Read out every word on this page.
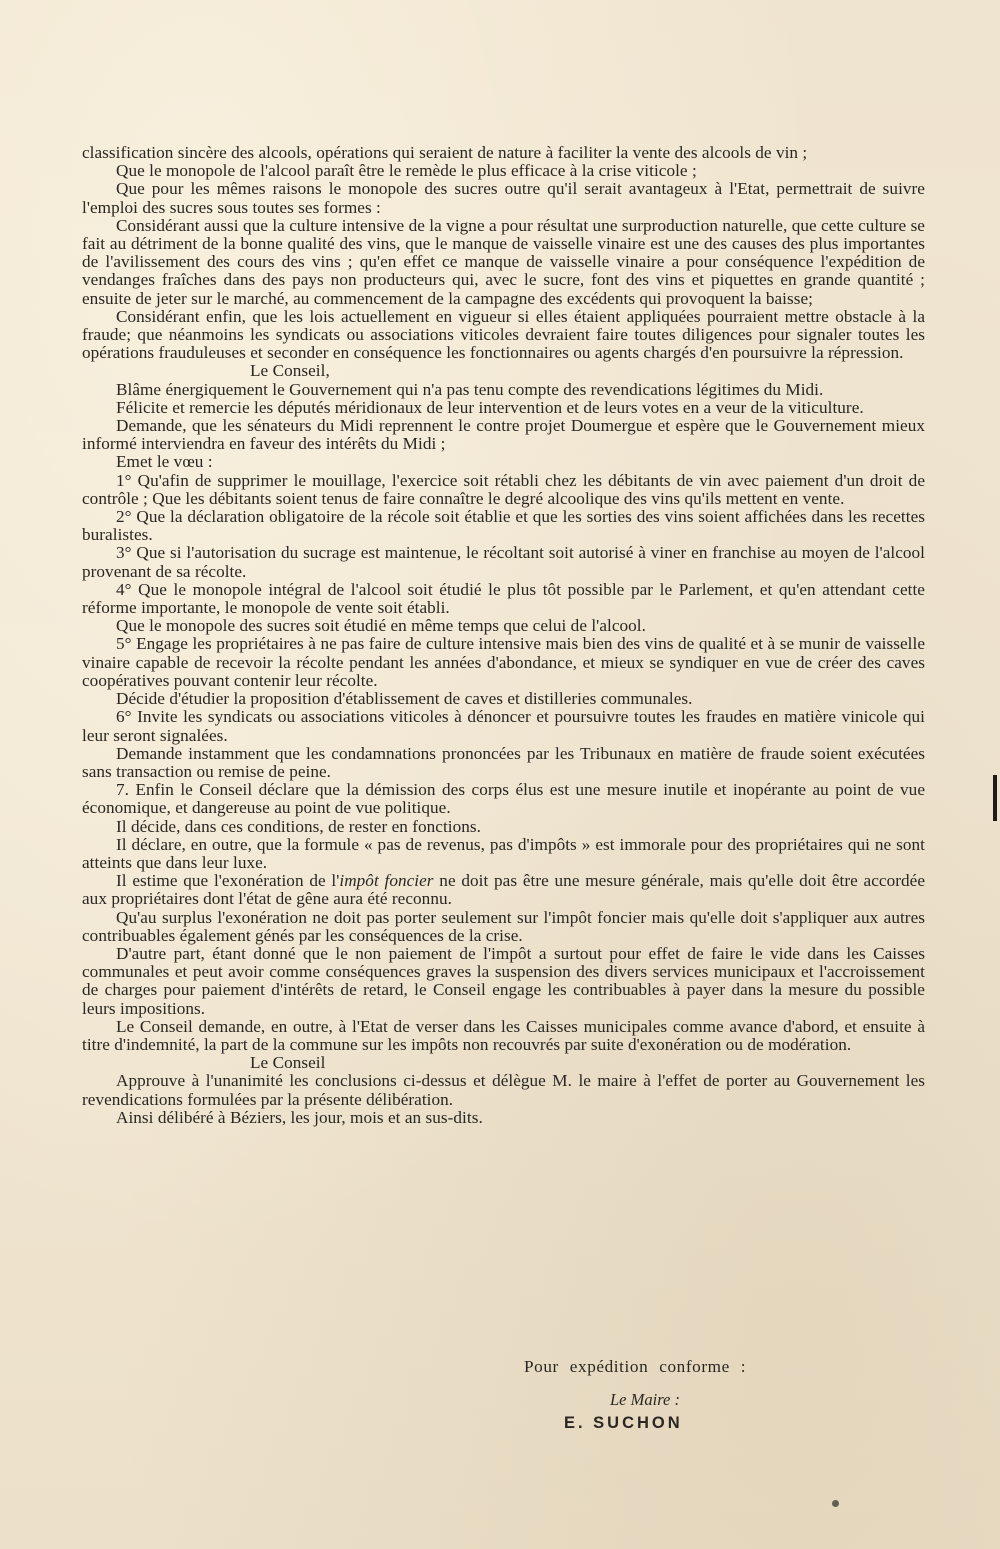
classification sincère des alcools, opérations qui seraient de nature à faciliter la vente des alcools de vin ;

Que le monopole de l'alcool paraît être le remède le plus efficace à la crise viticole ;

Que pour les mêmes raisons le monopole des sucres outre qu'il serait avantageux à l'Etat, permettrait de suivre l'emploi des sucres sous toutes ses formes :

Considérant aussi que la culture intensive de la vigne a pour résultat une surproduction naturelle, que cette culture se fait au détriment de la bonne qualité des vins, que le manque de vaisselle vinaire est une des causes des plus importantes de l'avilissement des cours des vins ; qu'en effet ce manque de vaisselle vinaire a pour conséquence l'expédition de vendanges fraîches dans des pays non producteurs qui, avec le sucre, font des vins et piquettes en grande quantité ; ensuite de jeter sur le marché, au commencement de la campagne des excédents qui provoquent la baisse;

Considérant enfin, que les lois actuellement en vigueur si elles étaient appliquées pourraient mettre obstacle à la fraude; que néanmoins les syndicats ou associations viticoles devraient faire toutes diligences pour signaler toutes les opérations frauduleuses et seconder en conséquence les fonctionnaires ou agents chargés d'en poursuivre la répression.

Le Conseil,

Blâme énergiquement le Gouvernement qui n'a pas tenu compte des revendications légitimes du Midi.

Félicite et remercie les députés méridionaux de leur intervention et de leurs votes en a veur de la viticulture.

Demande, que les sénateurs du Midi reprennent le contre projet Doumergue et espère que le Gouvernement mieux informé interviendra en faveur des intérêts du Midi ;

Emet le vœu :

1° Qu'afin de supprimer le mouillage, l'exercice soit rétabli chez les débitants de vin avec paiement d'un droit de contrôle ; Que les débitants soient tenus de faire connaître le degré alcoolique des vins qu'ils mettent en vente.

2° Que la déclaration obligatoire de la récole soit établie et que les sorties des vins soient affichées dans les recettes buralistes.

3° Que si l'autorisation du sucrage est maintenue, le récoltant soit autorisé à viner en franchise au moyen de l'alcool provenant de sa récolte.

4° Que le monopole intégral de l'alcool soit étudié le plus tôt possible par le Parlement, et qu'en attendant cette réforme importante, le monopole de vente soit établi.

Que le monopole des sucres soit étudié en même temps que celui de l'alcool.

5° Engage les propriétaires à ne pas faire de culture intensive mais bien des vins de qualité et à se munir de vaisselle vinaire capable de recevoir la récolte pendant les années d'abondance, et mieux se syndiquer en vue de créer des caves coopératives pouvant contenir leur récolte.

Décide d'étudier la proposition d'établissement de caves et distilleries communales.

6° Invite les syndicats ou associations viticoles à dénoncer et poursuivre toutes les fraudes en matière vinicole qui leur seront signalées.

Demande instamment que les condamnations prononcées par les Tribunaux en matière de fraude soient exécutées sans transaction ou remise de peine.

7. Enfin le Conseil déclare que la démission des corps élus est une mesure inutile et inopérante au point de vue économique, et dangereuse au point de vue politique.

Il décide, dans ces conditions, de rester en fonctions.

Il déclare, en outre, que la formule « pas de revenus, pas d'impôts » est immorale pour des propriétaires qui ne sont atteints que dans leur luxe.

Il estime que l'exonération de l'impôt foncier ne doit pas être une mesure générale, mais qu'elle doit être accordée aux propriétaires dont l'état de gêne aura été reconnu.

Qu'au surplus l'exonération ne doit pas porter seulement sur l'impôt foncier mais qu'elle doit s'appliquer aux autres contribuables également génés par les conséquences de la crise.

D'autre part, étant donné que le non paiement de l'impôt a surtout pour effet de faire le vide dans les Caisses communales et peut avoir comme conséquences graves la suspension des divers services municipaux et l'accroissement de charges pour paiement d'intérêts de retard, le Conseil engage les contribuables à payer dans la mesure du possible leurs impositions.

Le Conseil demande, en outre, à l'Etat de verser dans les Caisses municipales comme avance d'abord, et ensuite à titre d'indemnité, la part de la commune sur les impôts non recouvrés par suite d'exonération ou de modération.

Le Conseil

Approuve à l'unanimité les conclusions ci-dessus et délègue M. le maire à l'effet de porter au Gouvernement les revendications formulées par la présente délibération.

Ainsi délibéré à Béziers, les jour, mois et an sus-dits.

Pour expédition conforme :
Le Maire :
E. SUCHON
